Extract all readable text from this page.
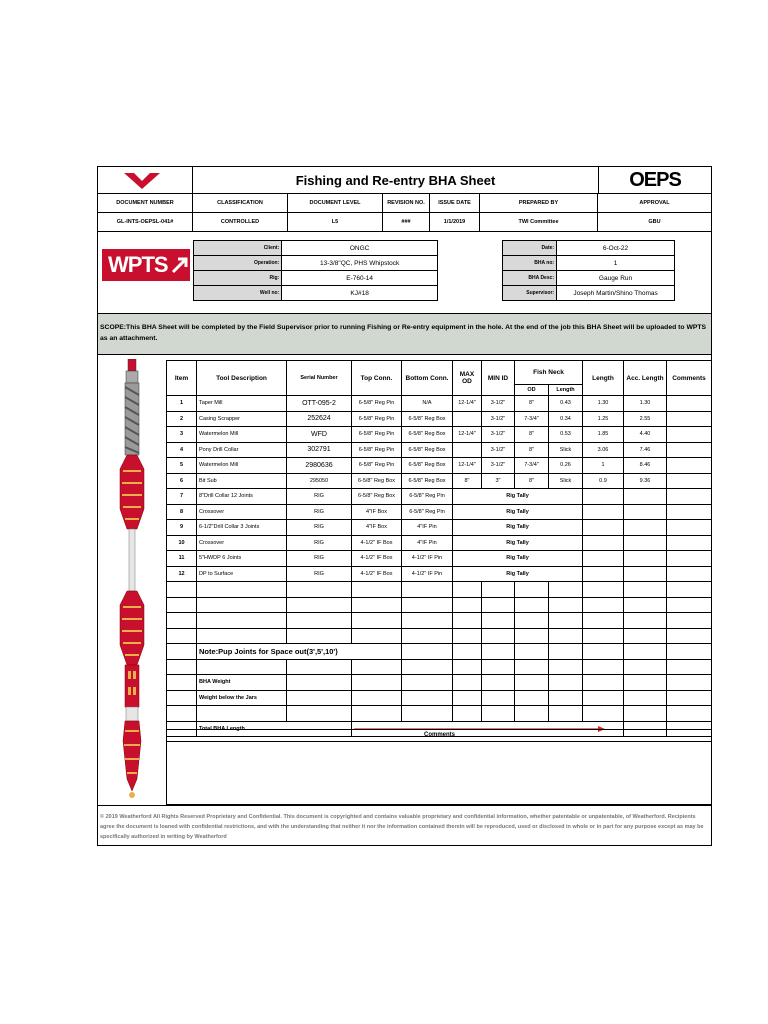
Fishing and Re-entry BHA Sheet	OEPS
DOCUMENT NUMBER	CLASSIFICATION	DOCUMENT LEVEL	REVISION NO.	ISSUE DATE	PREPARED BY	APPROVAL
GL-INTS-OEPSL-041#	CONTROLLED	L5	###	1/1/2019	TWI Committee	GBU
WPTS
Client:	ONGC
Operation:	13-3/8"QC, PHS Whipstock
Rig:	E-760-14
Well no:	KJ#18
Date:	6-Oct-22
BHA no:	1
BHA Desc:	Gauge Run
Supervisor:	Joseph Martin/Shino Thomas
SCOPE:This BHA Sheet will be completed by the Field Supervisor prior to running Fishing or Re-entry equipment in the hole. At the end of the job this BHA Sheet will be uploaded to WPTS as an attachment.
Item	Tool Description	Serial Number	Top Conn.	Bottom Conn.	MAX OD	MIN ID	Fish Neck		Length	Acc. Length	Comments
							OD	Length			
1	Taper Mill	OTT-095-2	6-5/8" Reg Pin	N/A	12-1/4"	3-1/2"	8"	0.43	1.30	1.30	
2	Casing Scrapper	252624	6-5/8" Reg Pin	6-5/8" Reg Box		3-1/2"	7-3/4"	0.34	1.25	2.55	
3	Watermelon Mill	WFD	6-5/8" Reg Pin	6-5/8" Reg Box	12-1/4"	3-1/2"	8"	0.53	1.85	4.40	
4	Pony Drill Collar	302791	6-5/8" Reg Pin	6-5/8" Reg Box		3-1/2"	8"	Slick	3.06	7.46	
5	Watermelon Mill	2980636	6-5/8" Reg Pin	6-5/8" Reg Box	12-1/4"	3-1/2"	7-3/4"	0.26	1	8.46	
6	Bit Sub	295050	6-5/8" Reg Box	6-5/8" Reg Box	8"	3"	8"	Slick	0.9	9.36	
7	8"Drill Collar 12 Joints	RIG	6-5/8" Reg Box	6-5/8" Reg Pin	Rig Tally						
8	Crossover	RIG	4"IF Box	6-5/8" Reg Pin	Rig Tally						
9	6-1/2"Drill Collar 3 Joints	RIG	4"IF Box	4"IF Pin	Rig Tally						
10	Crossover	RIG	4-1/2" IF Box	4"IF Pin	Rig Tally						
11	5"HWDP 6 Joints	RIG	4-1/2" IF Box	4-1/2" IF Pin	Rig Tally						
12	DP to Surface	RIG	4-1/2" IF Box	4-1/2" IF Pin	Rig Tally						

	Note:Pup Joints for Space out(3',5',10')										

	BHA Weight										
	Weight below the Jars										

	Total BHA Length	

Comments
© 2019 Weatherford All Rights Reserved Proprietary and Confidential. This document is copyrighted and contains valuable proprietary and confidential information, whether patentable or unpatentable, of Weatherford. Recipients agree the document is loaned with confidential restrictions, and with the understanding that neither it nor the information contained therein will be reproduced, used or disclosed in whole or in part for any purpose except as may be specifically authorized in writing by Weatherford
